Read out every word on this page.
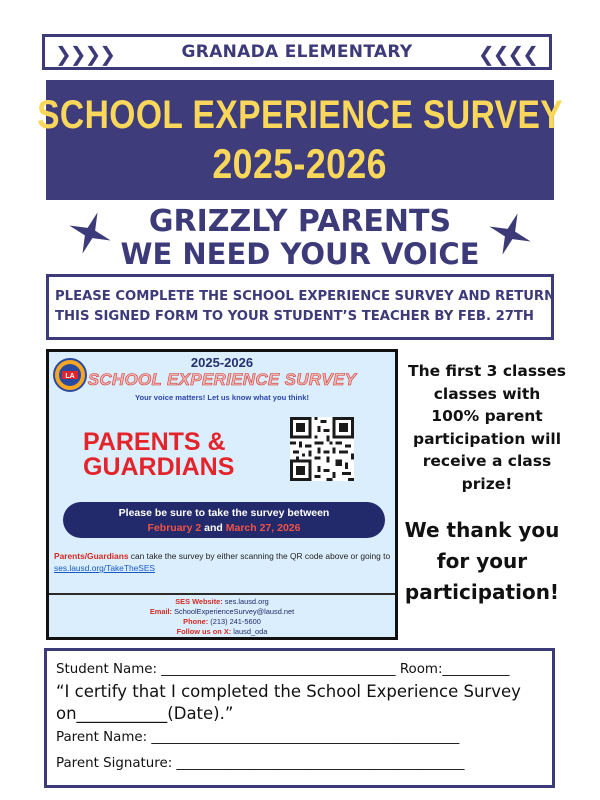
❯❯❯❯	GRANADA ELEMENTARY	❮❮❮❮
SCHOOL EXPERIENCE SURVEY
2025-2026
GRIZZLY PARENTS
WE NEED YOUR VOICE
PLEASE COMPLETE THE SCHOOL EXPERIENCE SURVEY AND RETURN
THIS SIGNED FORM TO YOUR STUDENT’S TEACHER BY FEB. 27TH
LA
2025-2026
SCHOOL EXPERIENCE SURVEY
Your voice matters! Let us know what you think!
PARENTS &
GUARDIANS
Please be sure to take the survey between
February 2 and March 27, 2026
Parents/Guardians can take the survey by either scanning the QR code above or going to
ses.lausd.org/TakeTheSES
SES Website: ses.lausd.org
Email: SchoolExperienceSurvey@lausd.net
Phone: (213) 241-5600
Follow us on X: lausd_oda
The first 3 classes
classes with
100% parent
participation will
receive a class
prize!
We thank you
for your
participation!
Student Name: ___________________________________ Room:__________
“I certify that I completed the School Experience Survey
on___________(Date).”
Parent Name: ______________________________________________
Parent Signature: ___________________________________________
